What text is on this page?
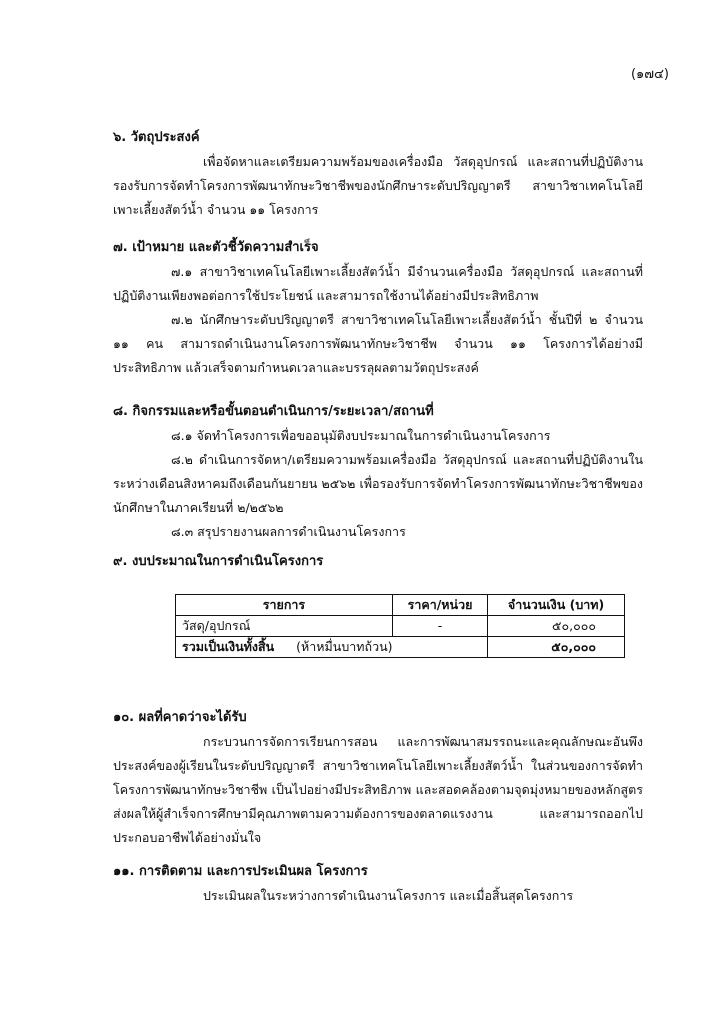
(๑๗๔)

๖. วัตถุประสงค์

เพื่อจัดหาและเตรียมความพร้อมของเครื่องมือ วัสดุอุปกรณ์ และสถานที่ปฏิบัติงาน รองรับการจัดทำโครงการพัฒนาทักษะวิชาชีพของนักศึกษาระดับปริญญาตรี สาขาวิชาเทคโนโลยีเพาะเลี้ยงสัตว์น้ำ จำนวน ๑๑ โครงการ

๗. เป้าหมาย และตัวชี้วัดความสำเร็จ

๗.๑ สาขาวิชาเทคโนโลยีเพาะเลี้ยงสัตว์น้ำ มีจำนวนเครื่องมือ วัสดุอุปกรณ์ และสถานที่ปฏิบัติงานเพียงพอต่อการใช้ประโยชน์ และสามารถใช้งานได้อย่างมีประสิทธิภาพ

๗.๒ นักศึกษาระดับปริญญาตรี สาขาวิชาเทคโนโลยีเพาะเลี้ยงสัตว์น้ำ ชั้นปีที่ ๒ จำนวน ๑๑ คน สามารถดำเนินงานโครงการพัฒนาทักษะวิชาชีพ จำนวน ๑๑ โครงการได้อย่างมีประสิทธิภาพ แล้วเสร็จตามกำหนดเวลาและบรรลุผลตามวัตถุประสงค์

๘. กิจกรรมและหรือขั้นตอนดำเนินการ/ระยะเวลา/สถานที่

๘.๑ จัดทำโครงการเพื่อขออนุมัติงบประมาณในการดำเนินงานโครงการ

๘.๒ ดำเนินการจัดหา/เตรียมความพร้อมเครื่องมือ วัสดุอุปกรณ์ และสถานที่ปฏิบัติงานในระหว่างเดือนสิงหาคมถึงเดือนกันยายน ๒๕๖๒ เพื่อรองรับการจัดทำโครงการพัฒนาทักษะวิชาชีพของนักศึกษาในภาคเรียนที่ ๒/๒๕๖๒

๘.๓ สรุปรายงานผลการดำเนินงานโครงการ

๙. งบประมาณในการดำเนินโครงการ

รายการ	ราคา/หน่วย	จำนวนเงิน (บาท)
วัสดุ/อุปกรณ์	-	๕๐,๐๐๐
รวมเป็นเงินทั้งสิ้น (ห้าหมื่นบาทถ้วน)		๕๐,๐๐๐

๑๐. ผลที่คาดว่าจะได้รับ

กระบวนการจัดการเรียนการสอน และการพัฒนาสมรรถนะและคุณลักษณะอันพึงประสงค์ของผู้เรียนในระดับปริญญาตรี สาขาวิชาเทคโนโลยีเพาะเลี้ยงสัตว์น้ำ ในส่วนของการจัดทำโครงการพัฒนาทักษะวิชาชีพ เป็นไปอย่างมีประสิทธิภาพ และสอดคล้องตามจุดมุ่งหมายของหลักสูตร ส่งผลให้ผู้สำเร็จการศึกษามีคุณภาพตามความต้องการของตลาดแรงงาน และสามารถออกไปประกอบอาชีพได้อย่างมั่นใจ

๑๑. การติดตาม และการประเมินผล โครงการ

ประเมินผลในระหว่างการดำเนินงานโครงการ และเมื่อสิ้นสุดโครงการ
